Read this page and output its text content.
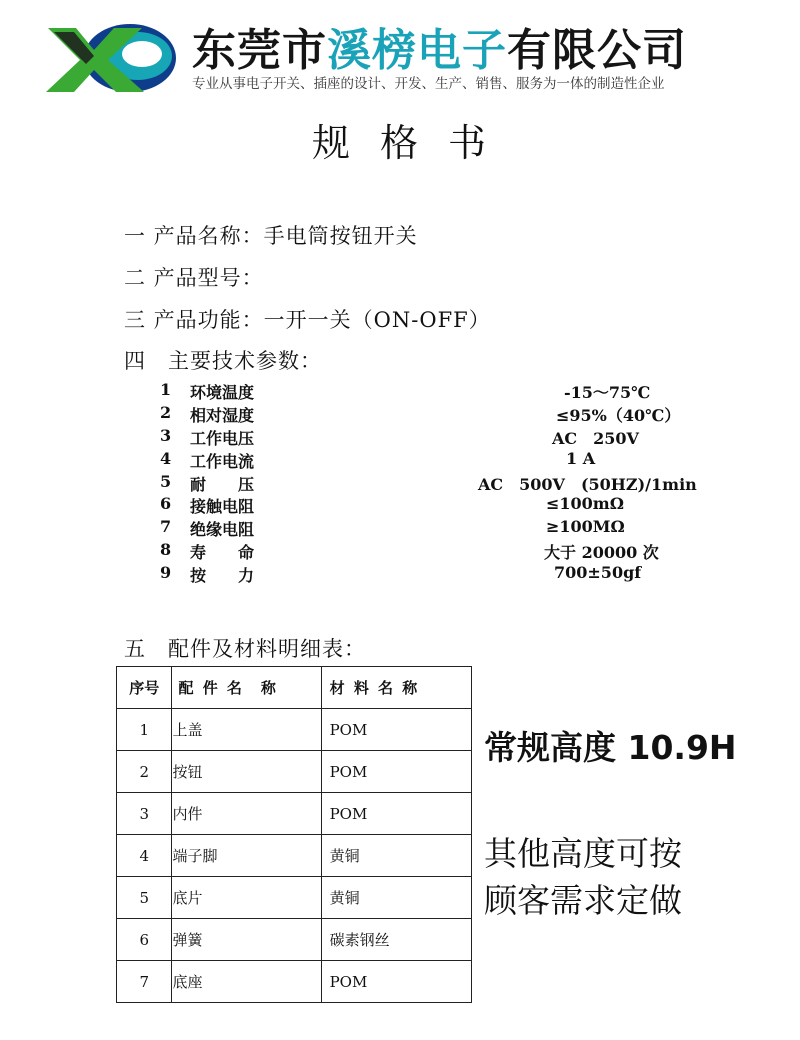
东莞市溪榜电子有限公司
专业从事电子开关、插座的设计、开发、生产、销售、服务为一体的制造性企业
规格书
一 产品名称：手电筒按钮开关
二 产品型号：
三 产品功能：一开一关（ON-OFF）
四　主要技术参数：
1 环境温度	-15～75℃
2 相对湿度	≤95%（40℃）
3 工作电压	AC　250V
4 工作电流	1 A
5 耐　　压	AC　500V　(50HZ)/1min
6 接触电阻	≤100mΩ
7 绝缘电阻	≥100MΩ
8 寿　　命	大于 20000 次
9 按　　力	700±50gf
五　配件及材料明细表：
序号	配 件 名　称	材 料 名 称
1	上盖	POM
2	按钮	POM
3	内件	POM
4	端子脚	黄铜
5	底片	黄铜
6	弹簧	碳素钢丝
7	底座	POM
常规高度 10.9H
其他高度可按
顾客需求定做
